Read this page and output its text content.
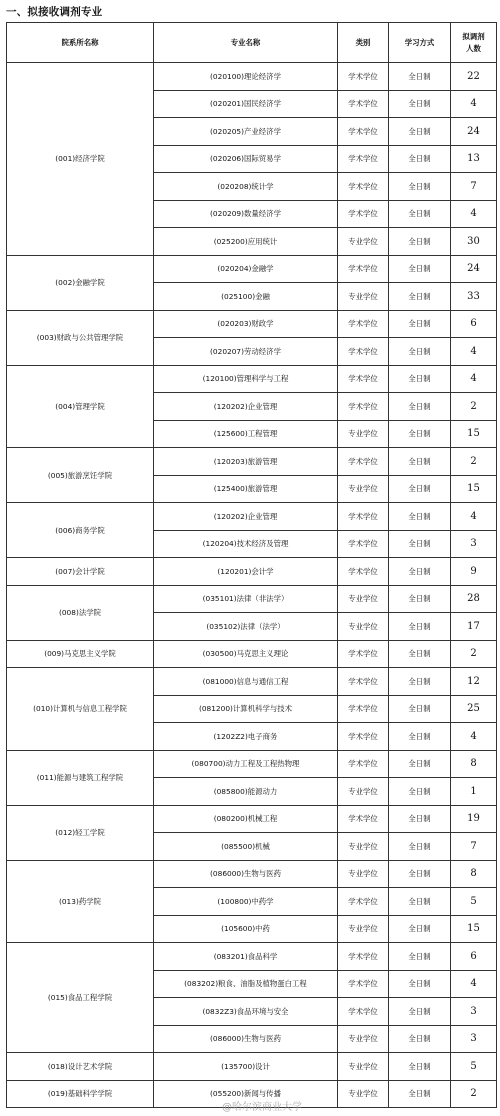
一、拟接收调剂专业
院系所名称	专业名称	类别	学习方式	拟调剂
人数

(001)经济学院	(020100)理论经济学	学术学位	全日制	22
	(020201)国民经济学	学术学位	全日制	4
	(020205)产业经济学	学术学位	全日制	24
	(020206)国际贸易学	学术学位	全日制	13
	(020208)统计学	学术学位	全日制	7
	(020209)数量经济学	学术学位	全日制	4
	(025200)应用统计	专业学位	全日制	30
(002)金融学院	(020204)金融学	学术学位	全日制	24
	(025100)金融	专业学位	全日制	33
(003)财政与公共管理学院	(020203)财政学	学术学位	全日制	6
	(020207)劳动经济学	学术学位	全日制	4
(004)管理学院	(120100)管理科学与工程	学术学位	全日制	4
	(120202)企业管理	学术学位	全日制	2
	(125600)工程管理	专业学位	全日制	15
(005)旅游烹饪学院	(120203)旅游管理	学术学位	全日制	2
	(125400)旅游管理	专业学位	全日制	15
(006)商务学院	(120202)企业管理	学术学位	全日制	4
	(120204)技术经济及管理	学术学位	全日制	3
(007)会计学院	(120201)会计学	学术学位	全日制	9
(008)法学院	(035101)法律（非法学）	专业学位	全日制	28
	(035102)法律（法学）	专业学位	全日制	17
(009)马克思主义学院	(030500)马克思主义理论	学术学位	全日制	2
(010)计算机与信息工程学院	(081000)信息与通信工程	学术学位	全日制	12
	(081200)计算机科学与技术	学术学位	全日制	25
	(1202Z2)电子商务	学术学位	全日制	4
(011)能源与建筑工程学院	(080700)动力工程及工程热物理	学术学位	全日制	8
	(085800)能源动力	专业学位	全日制	1
(012)轻工学院	(080200)机械工程	学术学位	全日制	19
	(085500)机械	专业学位	全日制	7
(013)药学院	(086000)生物与医药	专业学位	全日制	8
	(100800)中药学	学术学位	全日制	5
	(105600)中药	专业学位	全日制	15
(015)食品工程学院	(083201)食品科学	学术学位	全日制	6
	(083202)粮食、油脂及植物蛋白工程	学术学位	全日制	4
	(0832Z3)食品环境与安全	学术学位	全日制	3
	(086000)生物与医药	专业学位	全日制	3
(018)设计艺术学院	(135700)设计	专业学位	全日制	5
(019)基础科学学院	(055200)新闻与传播	专业学位	全日制	2
@哈尔滨商业大学
